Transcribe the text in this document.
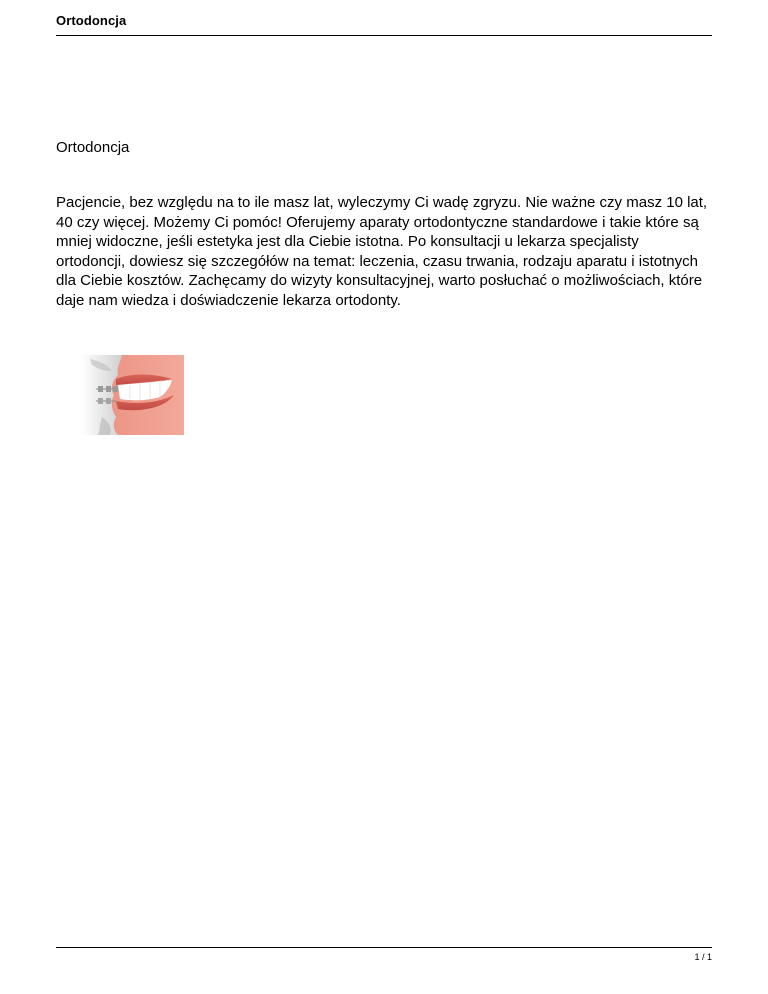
Ortodoncja
Ortodoncja

Pacjencie, bez względu na to ile masz lat, wyleczymy Ci wadę zgryzu. Nie ważne czy masz 10 lat, 40 czy więcej. Możemy Ci pomóc! Oferujemy aparaty ortodontyczne standardowe i takie które są mniej widoczne, jeśli estetyka jest dla Ciebie istotna. Po konsultacji u lekarza specjalisty ortodoncji, dowiesz się szczegółów na temat: leczenia, czasu trwania, rodzaju aparatu i istotnych dla Ciebie kosztów. Zachęcamy do wizyty konsultacyjnej, warto posłuchać o możliwościach, które daje nam wiedza i doświadczenie lekarza ortodonty.

1 / 1
